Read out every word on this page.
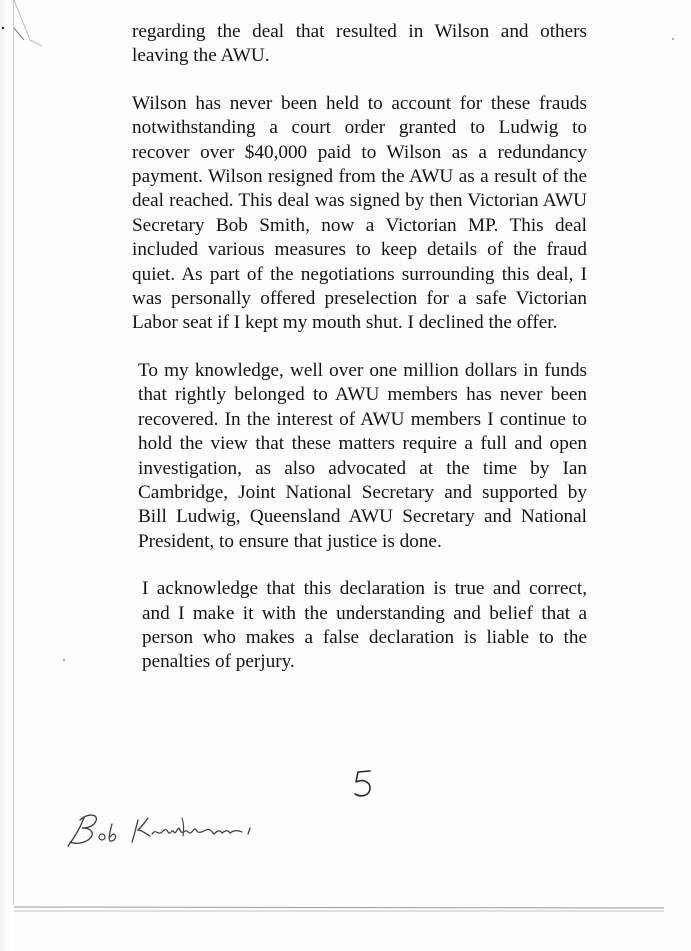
regarding the deal that resulted in Wilson and others leaving the AWU.

Wilson has never been held to account for these frauds notwithstanding a court order granted to Ludwig to recover over $40,000 paid to Wilson as a redundancy payment. Wilson resigned from the AWU as a result of the deal reached. This deal was signed by then Victorian AWU Secretary Bob Smith, now a Victorian MP. This deal included various measures to keep details of the fraud quiet. As part of the negotiations surrounding this deal, I was personally offered preselection for a safe Victorian Labor seat if I kept my mouth shut. I declined the offer.

To my knowledge, well over one million dollars in funds that rightly belonged to AWU members has never been recovered. In the interest of AWU members I continue to hold the view that these matters require a full and open investigation, as also advocated at the time by Ian Cambridge, Joint National Secretary and supported by Bill Ludwig, Queensland AWU Secretary and National President, to ensure that justice is done.

I acknowledge that this declaration is true and correct, and I make it with the understanding and belief that a person who makes a false declaration is liable to the penalties of perjury.
